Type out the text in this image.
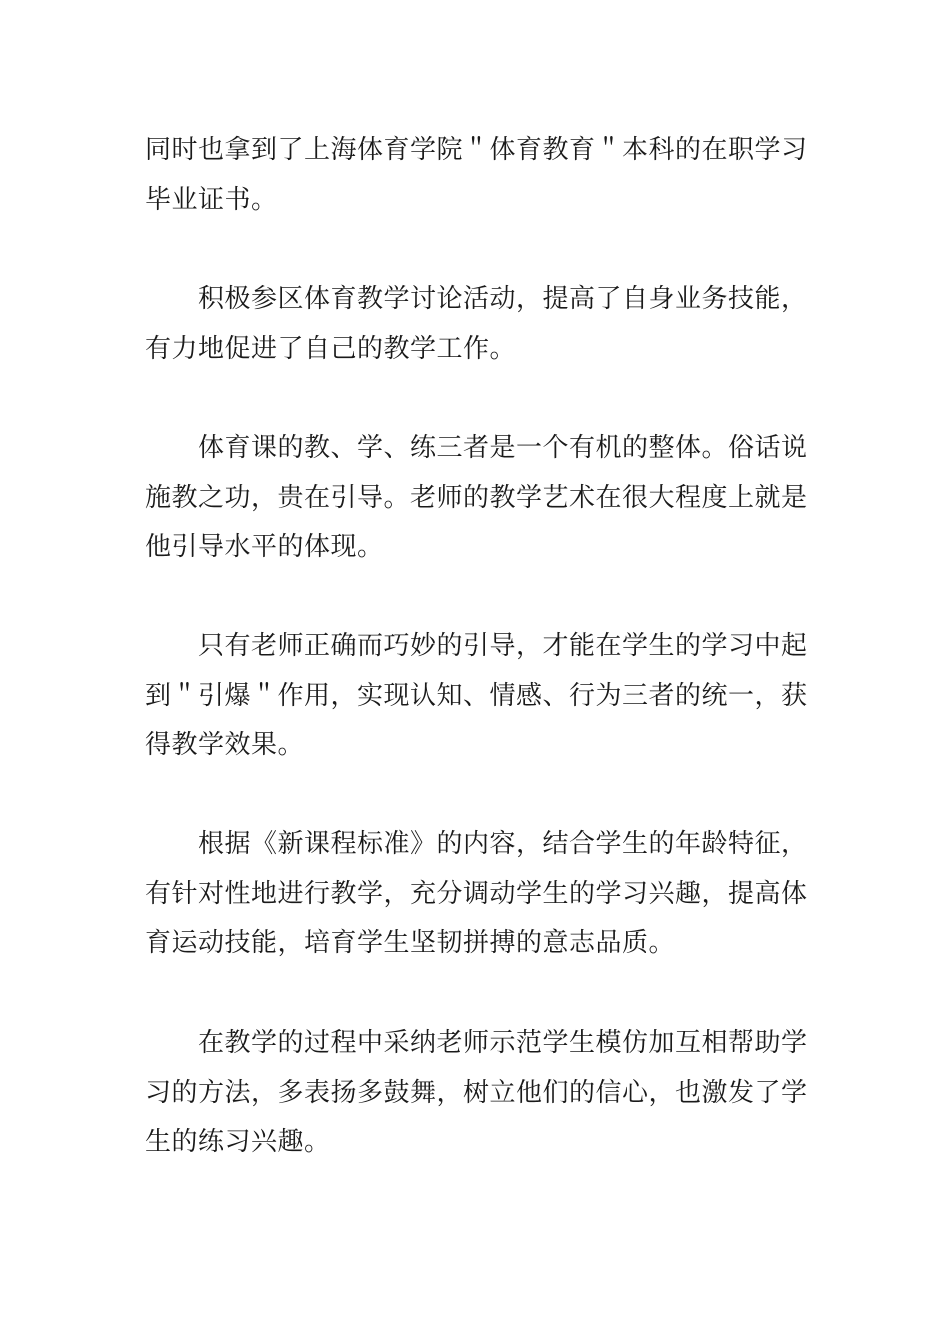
同时也拿到了上海体育学院＂体育教育＂本科的在职学习
毕业证书。

积极参区体育教学讨论活动，提高了自身业务技能，
有力地促进了自己的教学工作。

体育课的教、学、练三者是一个有机的整体。俗话说
施教之功，贵在引导。老师的教学艺术在很大程度上就是
他引导水平的体现。

只有老师正确而巧妙的引导，才能在学生的学习中起
到＂引爆＂作用，实现认知、情感、行为三者的统一，获
得教学效果。

根据《新课程标准》的内容，结合学生的年龄特征，
有针对性地进行教学，充分调动学生的学习兴趣，提高体
育运动技能，培育学生坚韧拼搏的意志品质。

在教学的过程中采纳老师示范学生模仿加互相帮助学
习的方法，多表扬多鼓舞，树立他们的信心，也激发了学
生的练习兴趣。
